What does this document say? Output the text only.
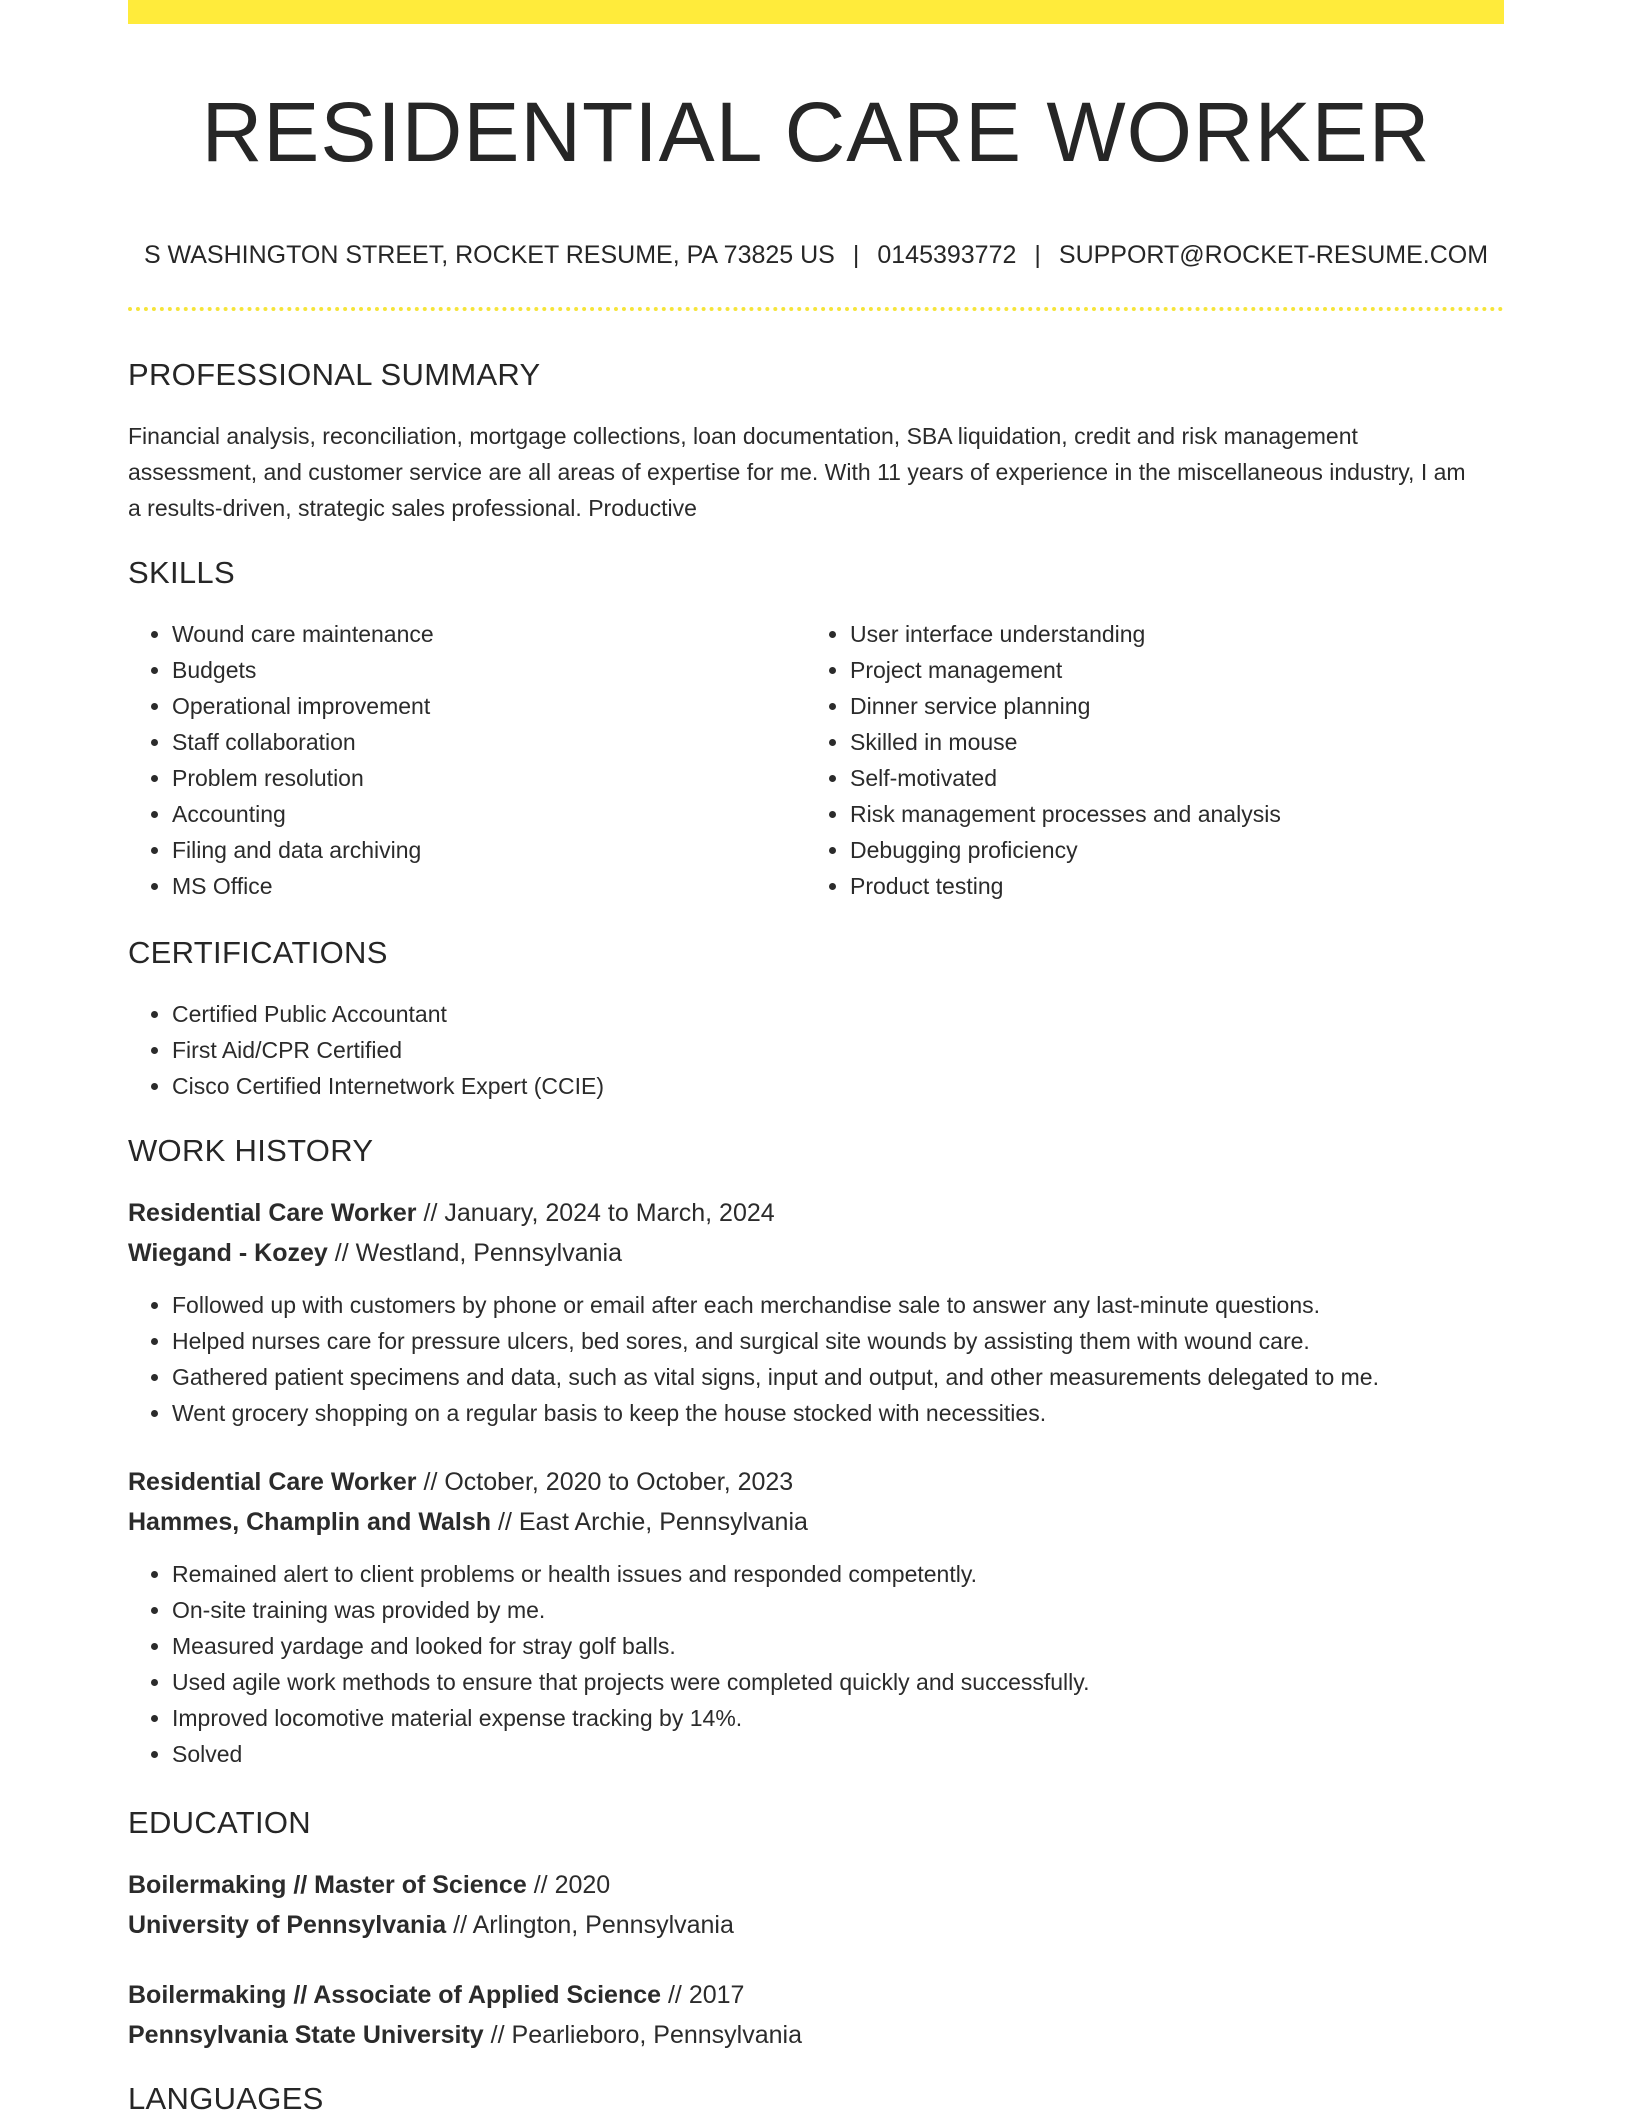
RESIDENTIAL CARE WORKER
S WASHINGTON STREET, ROCKET RESUME, PA 73825 US | 0145393772 | SUPPORT@ROCKET-RESUME.COM
PROFESSIONAL SUMMARY

Financial analysis, reconciliation, mortgage collections, loan documentation, SBA liquidation, credit and risk management assessment, and customer service are all areas of expertise for me. With 11 years of experience in the miscellaneous industry, I am a results-driven, strategic sales professional. Productive

SKILLS
• Wound care maintenance
• Budgets
• Operational improvement
• Staff collaboration
• Problem resolution
• Accounting
• Filing and data archiving
• MS Office
• User interface understanding
• Project management
• Dinner service planning
• Skilled in mouse
• Self-motivated
• Risk management processes and analysis
• Debugging proficiency
• Product testing
CERTIFICATIONS
• Certified Public Accountant
• First Aid/CPR Certified
• Cisco Certified Internetwork Expert (CCIE)
WORK HISTORY
Residential Care Worker // January, 2024 to March, 2024
Wiegand - Kozey // Westland, Pennsylvania
• Followed up with customers by phone or email after each merchandise sale to answer any last-minute questions.
• Helped nurses care for pressure ulcers, bed sores, and surgical site wounds by assisting them with wound care.
• Gathered patient specimens and data, such as vital signs, input and output, and other measurements delegated to me.
• Went grocery shopping on a regular basis to keep the house stocked with necessities.
Residential Care Worker // October, 2020 to October, 2023
Hammes, Champlin and Walsh // East Archie, Pennsylvania
• Remained alert to client problems or health issues and responded competently.
• On-site training was provided by me.
• Measured yardage and looked for stray golf balls.
• Used agile work methods to ensure that projects were completed quickly and successfully.
• Improved locomotive material expense tracking by 14%.
• Solved
EDUCATION
Boilermaking // Master of Science // 2020
University of Pennsylvania // Arlington, Pennsylvania
Boilermaking // Associate of Applied Science // 2017
Pennsylvania State University // Pearlieboro, Pennsylvania
LANGUAGES
